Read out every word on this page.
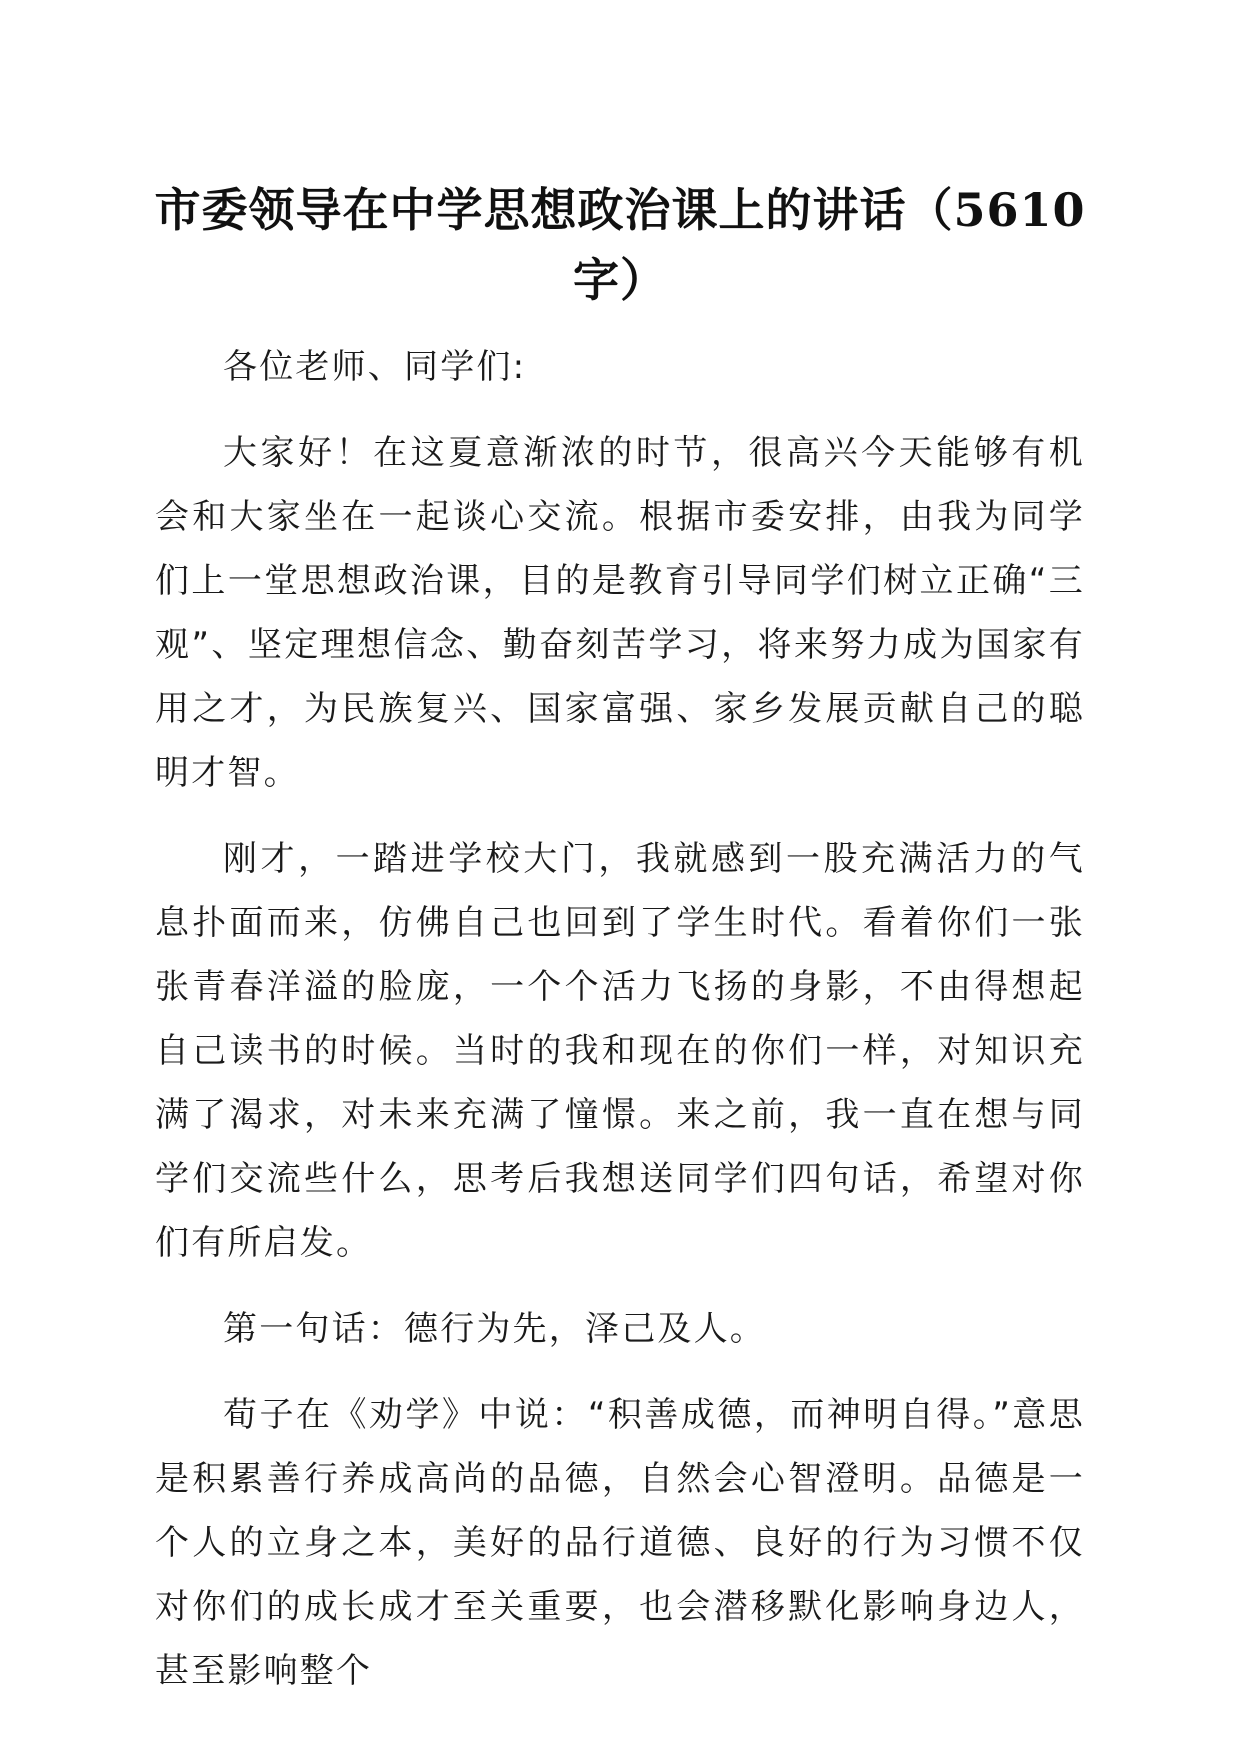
市委领导在中学思想政治课上的讲话（5610字）

各位老师、同学们:

大家好！在这夏意渐浓的时节，很高兴今天能够有机会和大家坐在一起谈心交流。根据市委安排，由我为同学们上一堂思想政治课，目的是教育引导同学们树立正确“三观”、坚定理想信念、勤奋刻苦学习，将来努力成为国家有用之才，为民族复兴、国家富强、家乡发展贡献自己的聪明才智。

刚才，一踏进学校大门，我就感到一股充满活力的气息扑面而来，仿佛自己也回到了学生时代。看着你们一张张青春洋溢的脸庞，一个个活力飞扬的身影，不由得想起自己读书的时候。当时的我和现在的你们一样，对知识充满了渴求，对未来充满了憧憬。来之前，我一直在想与同学们交流些什么，思考后我想送同学们四句话，希望对你们有所启发。

第一句话：德行为先，泽己及人。

荀子在《劝学》中说：“积善成德，而神明自得。”意思是积累善行养成高尚的品德，自然会心智澄明。品德是一个人的立身之本，美好的品行道德、良好的行为习惯不仅对你们的成长成才至关重要，也会潜移默化影响身边人，甚至影响整个
